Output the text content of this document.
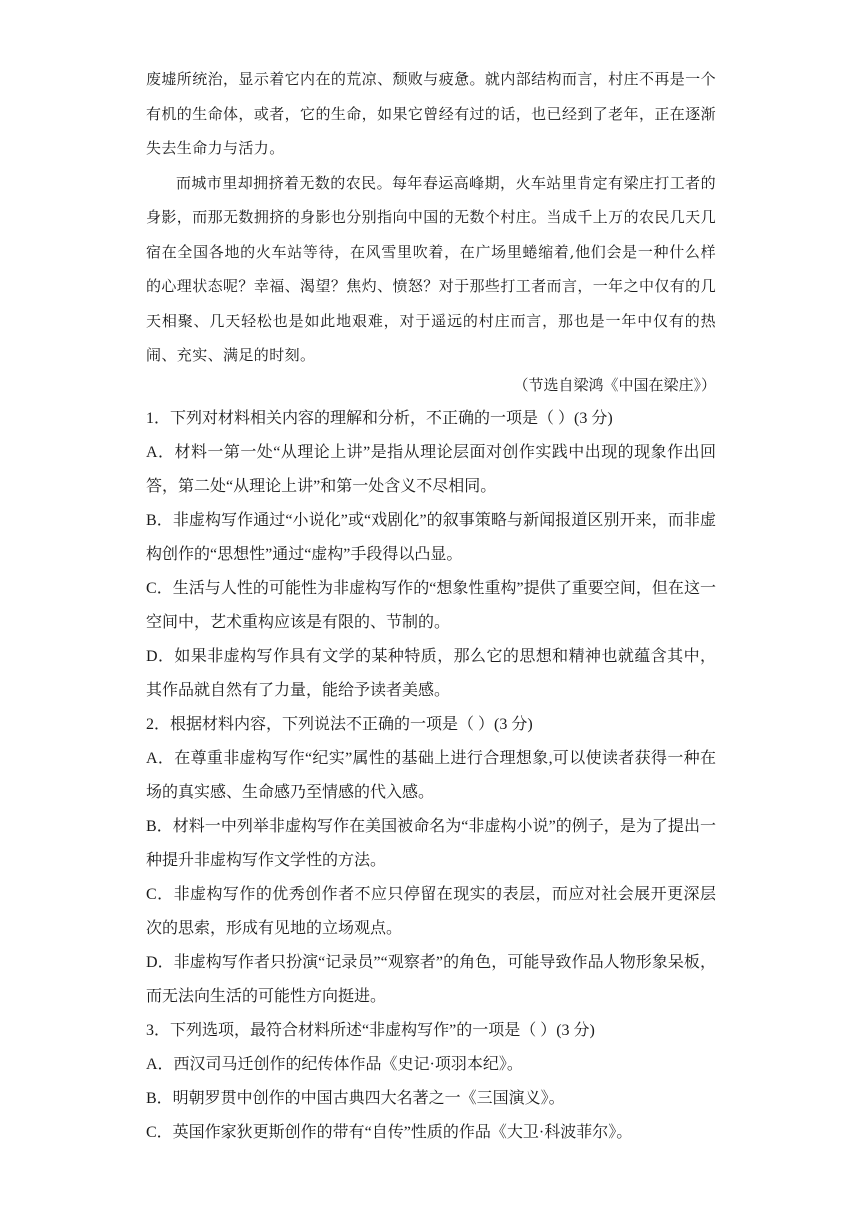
废墟所统治，显示着它内在的荒凉、颓败与疲惫。就内部结构而言，村庄不再是一个有机的生命体，或者，它的生命，如果它曾经有过的话，也已经到了老年，正在逐渐失去生命力与活力。

而城市里却拥挤着无数的农民。每年春运高峰期，火车站里肯定有梁庄打工者的身影，而那无数拥挤的身影也分别指向中国的无数个村庄。当成千上万的农民几天几宿在全国各地的火车站等待，在风雪里吹着，在广场里蜷缩着,他们会是一种什么样的心理状态呢？幸福、渴望？焦灼、愤怒？对于那些打工者而言，一年之中仅有的几天相聚、几天轻松也是如此地艰难，对于遥远的村庄而言，那也是一年中仅有的热闹、充实、满足的时刻。

（节选自梁鸿《中国在梁庄》）

1．下列对材料相关内容的理解和分析，不正确的一项是（ ）(3 分)

A．材料一第一处“从理论上讲”是指从理论层面对创作实践中出现的现象作出回答，第二处“从理论上讲”和第一处含义不尽相同。

B．非虚构写作通过“小说化”或“戏剧化”的叙事策略与新闻报道区别开来，而非虚构创作的“思想性”通过“虚构”手段得以凸显。

C．生活与人性的可能性为非虚构写作的“想象性重构”提供了重要空间，但在这一空间中，艺术重构应该是有限的、节制的。

D．如果非虚构写作具有文学的某种特质，那么它的思想和精神也就蕴含其中，其作品就自然有了力量，能给予读者美感。

2．根据材料内容，下列说法不正确的一项是（ ）(3 分)

A．在尊重非虚构写作“纪实”属性的基础上进行合理想象,可以使读者获得一种在场的真实感、生命感乃至情感的代入感。

B．材料一中列举非虚构写作在美国被命名为“非虚构小说”的例子，是为了提出一种提升非虚构写作文学性的方法。

C．非虚构写作的优秀创作者不应只停留在现实的表层，而应对社会展开更深层次的思索，形成有见地的立场观点。

D．非虚构写作者只扮演“记录员”“观察者”的角色，可能导致作品人物形象呆板，而无法向生活的可能性方向挺进。

3．下列选项，最符合材料所述“非虚构写作”的一项是（ ）(3 分)

A．西汉司马迁创作的纪传体作品《史记·项羽本纪》。

B．明朝罗贯中创作的中国古典四大名著之一《三国演义》。

C．英国作家狄更斯创作的带有“自传”性质的作品《大卫·科波菲尔》。
